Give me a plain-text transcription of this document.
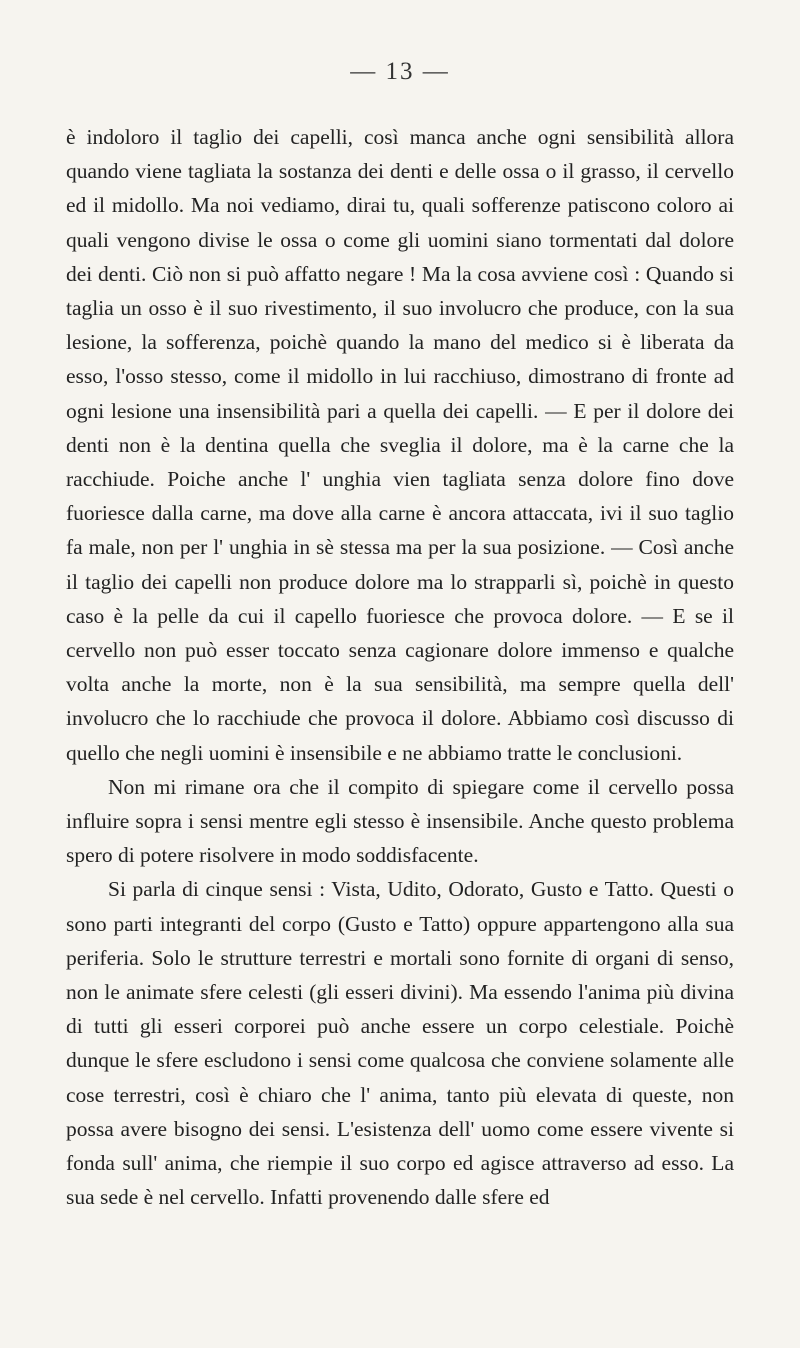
— 13 —

è indoloro il taglio dei capelli, così manca anche ogni sensibilità allora quando viene tagliata la sostanza dei denti e delle ossa o il grasso, il cervello ed il midollo. Ma noi vediamo, dirai tu, quali sofferenze patiscono coloro ai quali vengono divise le ossa o come gli uomini siano tormentati dal dolore dei denti. Ciò non si può affatto negare ! Ma la cosa avviene così : Quando si taglia un osso è il suo rivestimento, il suo involucro che produce, con la sua lesione, la sofferenza, poichè quando la mano del medico si è liberata da esso, l'osso stesso, come il midollo in lui racchiuso, dimostrano di fronte ad ogni lesione una insensibilità pari a quella dei capelli. — E per il dolore dei denti non è la dentina quella che sveglia il dolore, ma è la carne che la racchiude. Poiche anche l' unghia vien tagliata senza dolore fino dove fuoriesce dalla carne, ma dove alla carne è ancora attaccata, ivi il suo taglio fa male, non per l' unghia in sè stessa ma per la sua posizione. — Così anche il taglio dei capelli non produce dolore ma lo strapparli sì, poichè in questo caso è la pelle da cui il capello fuoriesce che provoca dolore. — E se il cervello non può esser toccato senza cagionare dolore immenso e qualche volta anche la morte, non è la sua sensibilità, ma sempre quella dell' involucro che lo racchiude che provoca il dolore. Abbiamo così discusso di quello che negli uomini è insensibile e ne abbiamo tratte le conclusioni.

Non mi rimane ora che il compito di spiegare come il cervello possa influire sopra i sensi mentre egli stesso è insensibile. Anche questo problema spero di potere risolvere in modo soddisfacente.

Si parla di cinque sensi : Vista, Udito, Odorato, Gusto e Tatto. Questi o sono parti integranti del corpo (Gusto e Tatto) oppure appartengono alla sua periferia. Solo le strutture terrestri e mortali sono fornite di organi di senso, non le animate sfere celesti (gli esseri divini). Ma essendo l'anima più divina di tutti gli esseri corporei può anche essere un corpo celestiale. Poichè dunque le sfere escludono i sensi come qualcosa che conviene solamente alle cose terrestri, così è chiaro che l' anima, tanto più elevata di queste, non possa avere bisogno dei sensi. L'esistenza dell' uomo come essere vivente si fonda sull' anima, che riempie il suo corpo ed agisce attraverso ad esso. La sua sede è nel cervello. Infatti provenendo dalle sfere ed
